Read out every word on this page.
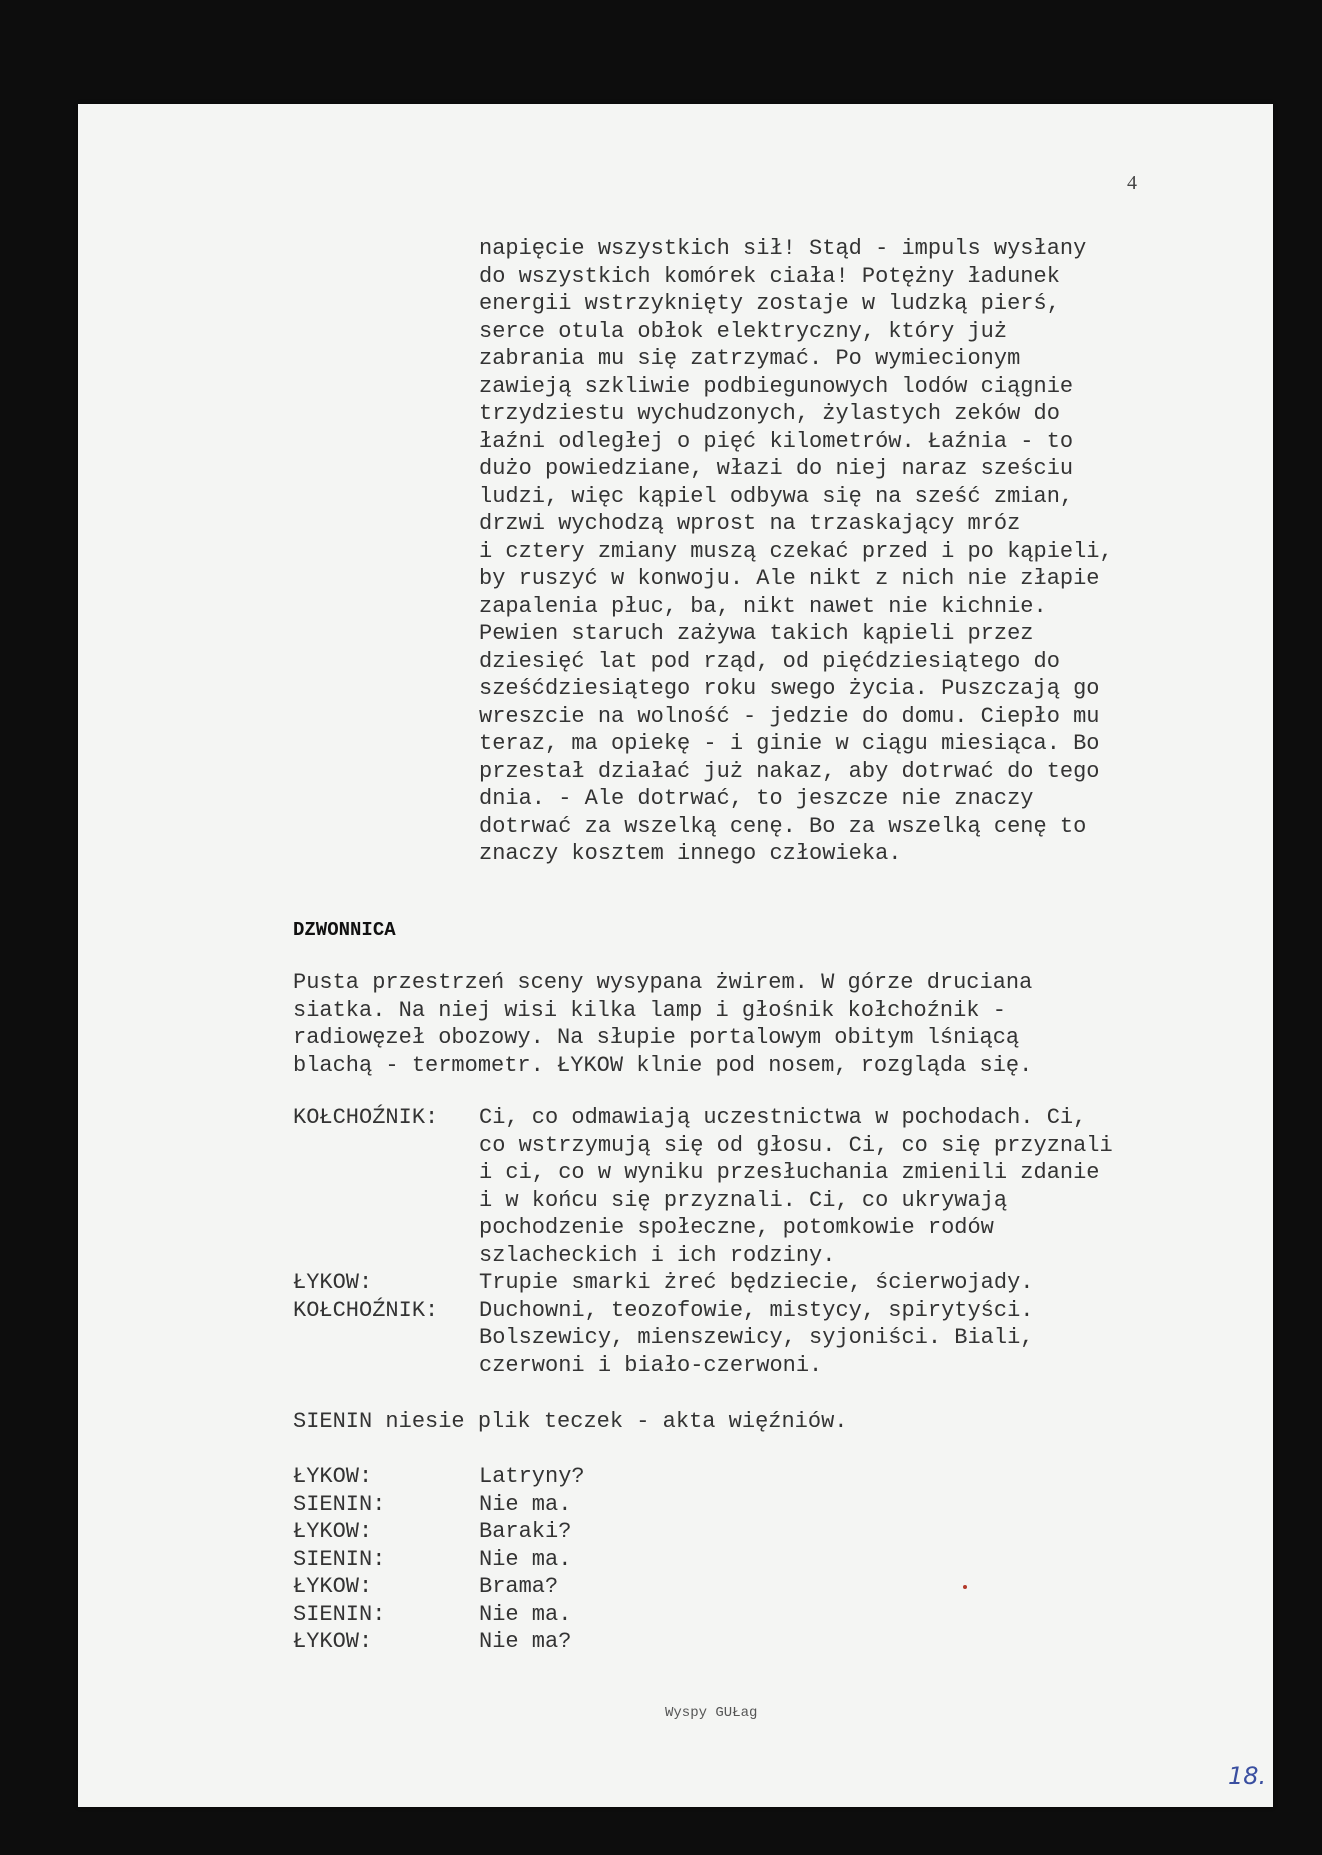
4
napięcie wszystkich sił! Stąd - impuls wysłany
do wszystkich komórek ciała! Potężny ładunek
energii wstrzyknięty zostaje w ludzką pierś,
serce otula obłok elektryczny, który już
zabrania mu się zatrzymać. Po wymiecionym
zawieją szkliwie podbiegunowych lodów ciągnie
trzydziestu wychudzonych, żylastych zeków do
łaźni odległej o pięć kilometrów. Łaźnia - to
dużo powiedziane, włazi do niej naraz sześciu
ludzi, więc kąpiel odbywa się na sześć zmian,
drzwi wychodzą wprost na trzaskający mróz
i cztery zmiany muszą czekać przed i po kąpieli,
by ruszyć w konwoju. Ale nikt z nich nie złapie
zapalenia płuc, ba, nikt nawet nie kichnie.
Pewien staruch zażywa takich kąpieli przez
dziesięć lat pod rząd, od pięćdziesiątego do
sześćdziesiątego roku swego życia. Puszczają go
wreszcie na wolność - jedzie do domu. Ciepło mu
teraz, ma opiekę - i ginie w ciągu miesiąca. Bo
przestał działać już nakaz, aby dotrwać do tego
dnia. - Ale dotrwać, to jeszcze nie znaczy
dotrwać za wszelką cenę. Bo za wszelką cenę to
znaczy kosztem innego człowieka.
DZWONNICA
Pusta przestrzeń sceny wysypana żwirem. W górze druciana
siatka. Na niej wisi kilka lamp i głośnik kołchoźnik -
radiowęzeł obozowy. Na słupie portalowym obitym lśniącą
blachą - termometr. ŁYKOW klnie pod nosem, rozgląda się.
KOŁCHOŹNIK:	Ci, co odmawiają uczestnictwa w pochodach. Ci,
co wstrzymują się od głosu. Ci, co się przyznali
i ci, co w wyniku przesłuchania zmienili zdanie
i w końcu się przyznali. Ci, co ukrywają
pochodzenie społeczne, potomkowie rodów
szlacheckich i ich rodziny.
ŁYKOW:	Trupie smarki żreć będziecie, ścierwojady.
KOŁCHOŹNIK:	Duchowni, teozofowie, mistycy, spirytyści.
Bolszewicy, mienszewicy, syjoniści. Biali,
czerwoni i biało-czerwoni.
SIENIN niesie plik teczek - akta więźniów.
ŁYKOW:	Latryny?
SIENIN:	Nie ma.
ŁYKOW:	Baraki?
SIENIN:	Nie ma.
ŁYKOW:	Brama?
SIENIN:	Nie ma.
ŁYKOW:	Nie ma?
Wyspy GUŁag
18.
